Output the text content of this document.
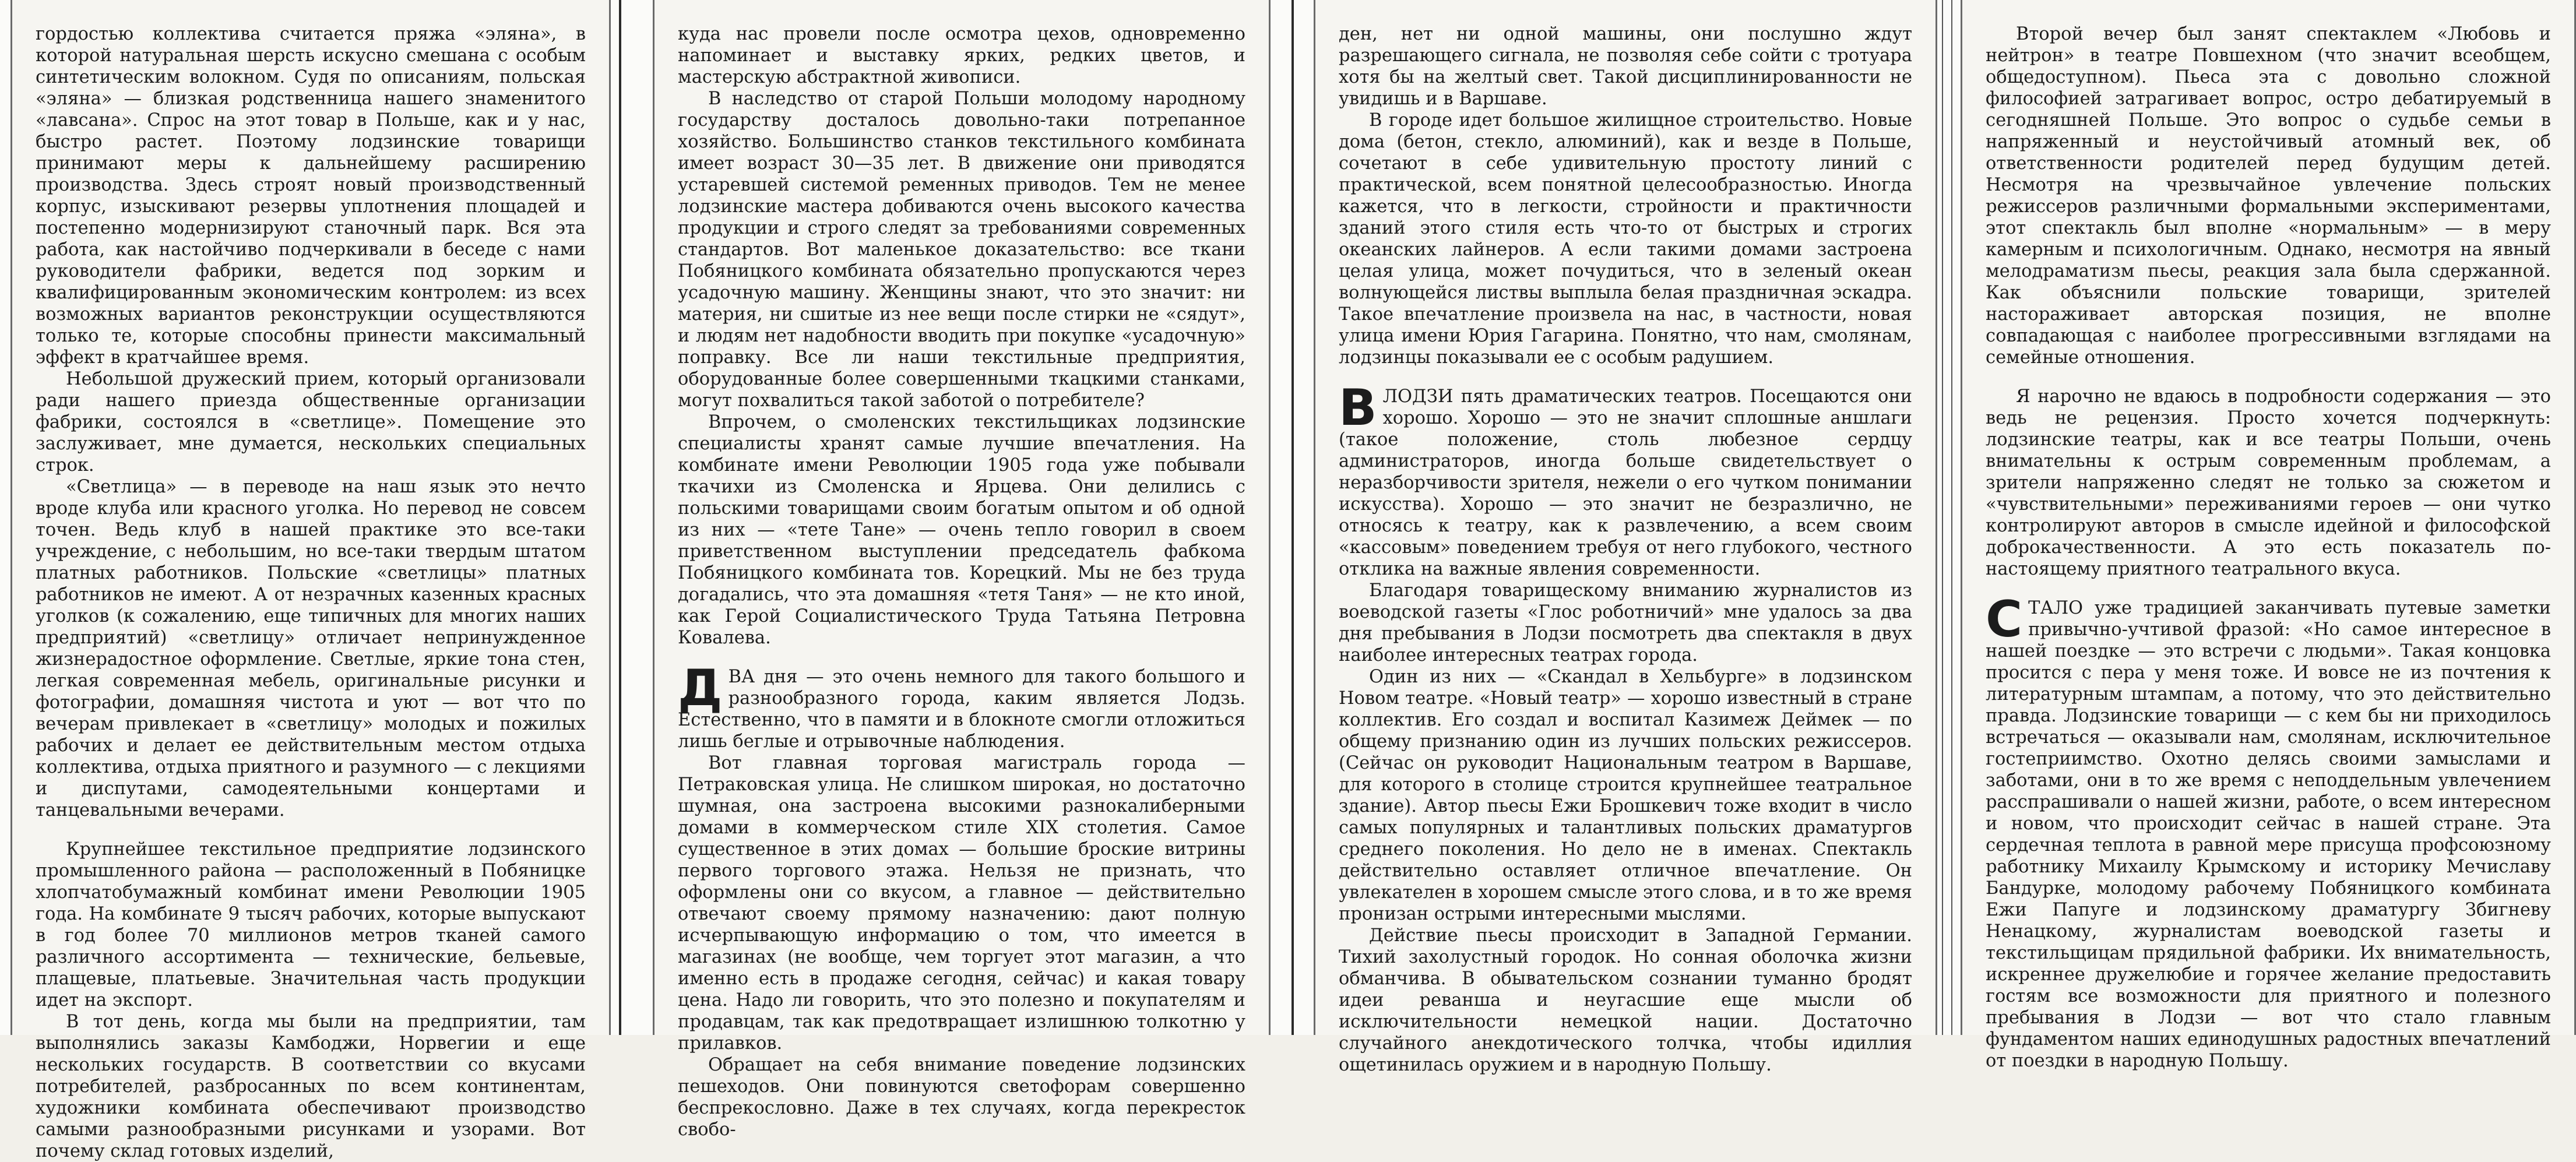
гордостью коллектива считается пряжа «эляна», в которой натуральная шерсть искусно смешана с особым синтетическим волокном. Судя по описаниям, польская «эляна» — близкая родственница нашего знаменитого «лавсана». Спрос на этот товар в Польше, как и у нас, быстро растет. Поэтому лодзинские товарищи принимают меры к дальнейшему расширению производства. Здесь строят новый производственный корпус, изыскивают резервы уплотнения площадей и постепенно модернизируют станочный парк. Вся эта работа, как настойчиво подчеркивали в беседе с нами руководители фабрики, ведется под зорким и квалифицированным экономическим контролем: из всех возможных вариантов реконструкции осуществляются только те, которые способны принести максимальный эффект в кратчайшее время.

Небольшой дружеский прием, который организовали ради нашего приезда общественные организации фабрики, состоялся в «светлице». Помещение это заслуживает, мне думается, нескольких специальных строк.

«Светлица» — в переводе на наш язык это нечто вроде клуба или красного уголка. Но перевод не совсем точен. Ведь клуб в нашей практике это все-таки учреждение, с небольшим, но все-таки твердым штатом платных работников. Польские «светлицы» платных работников не имеют. А от незрачных казенных красных уголков (к сожалению, еще типичных для многих наших предприятий) «светлицу» отличает непринужденное жизнерадостное оформление. Светлые, яркие тона стен, легкая современная мебель, оригинальные рисунки и фотографии, домашняя чистота и уют — вот что по вечерам привлекает в «светлицу» молодых и пожилых рабочих и делает ее действительным местом отдыха коллектива, отдыха приятного и разумного — с лекциями и диспутами, самодеятельными концертами и танцевальными вечерами.

Крупнейшее текстильное предприятие лодзинского промышленного района — расположенный в Побяницке хлопчатобумажный комбинат имени Революции 1905 года. На комбинате 9 тысяч рабочих, которые выпускают в год более 70 миллионов метров тканей самого различного ассортимента — технические, бельевые, плащевые, платьевые. Значительная часть продукции идет на экспорт.

В тот день, когда мы были на предприятии, там выполнялись заказы Камбоджи, Норвегии и еще нескольких государств. В соответствии со вкусами потребителей, разбросанных по всем континентам, художники комбината обеспечивают производство самыми разнообразными рисунками и узорами. Вот почему склад готовых изделий,

куда нас провели после осмотра цехов, одновременно напоминает и выставку ярких, редких цветов, и мастерскую абстрактной живописи.

В наследство от старой Польши молодому народному государству досталось довольно-таки потрепанное хозяйство. Большинство станков текстильного комбината имеет возраст 30—35 лет. В движение они приводятся устаревшей системой ременных приводов. Тем не менее лодзинские мастера добиваются очень высокого качества продукции и строго следят за требованиями современных стандартов. Вот маленькое доказательство: все ткани Побяницкого комбината обязательно пропускаются через усадочную машину. Женщины знают, что это значит: ни материя, ни сшитые из нее вещи после стирки не «сядут», и людям нет надобности вводить при покупке «усадочную» поправку. Все ли наши текстильные предприятия, оборудованные более совершенными ткацкими станками, могут похвалиться такой заботой о потребителе?

Впрочем, о смоленских текстильщиках лодзинские специалисты хранят самые лучшие впечатления. На комбинате имени Революции 1905 года уже побывали ткачихи из Смоленска и Ярцева. Они делились с польскими товарищами своим богатым опытом и об одной из них — «тете Тане» — очень тепло говорил в своем приветственном выступлении председатель фабкома Побяницкого комбината тов. Корецкий. Мы не без труда догадались, что эта домашняя «тетя Таня» — не кто иной, как Герой Социалистического Труда Татьяна Петровна Ковалева.

ДВА дня — это очень немного для такого большого и разнообразного города, каким является Лодзь. Естественно, что в памяти и в блокноте смогли отложиться лишь беглые и отрывочные наблюдения.

Вот главная торговая магистраль города — Петраковская улица. Не слишком широкая, но достаточно шумная, она застроена высокими разнокалиберными домами в коммерческом стиле XIX столетия. Самое существенное в этих домах — большие броские витрины первого торгового этажа. Нельзя не признать, что оформлены они со вкусом, а главное — действительно отвечают своему прямому назначению: дают полную исчерпывающую информацию о том, что имеется в магазинах (не вообще, чем торгует этот магазин, а что именно есть в продаже сегодня, сейчас) и какая товару цена. Надо ли говорить, что это полезно и покупателям и продавцам, так как предотвращает излишнюю толкотню у прилавков.

Обращает на себя внимание поведение лодзинских пешеходов. Они повинуются светофорам совершенно беспрекословно. Даже в тех случаях, когда перекресток свобо-

ден, нет ни одной машины, они послушно ждут разрешающего сигнала, не позволяя себе сойти с тротуара хотя бы на желтый свет. Такой дисциплинированности не увидишь и в Варшаве.

В городе идет большое жилищное строительство. Новые дома (бетон, стекло, алюминий), как и везде в Польше, сочетают в себе удивительную простоту линий с практической, всем понятной целесообразностью. Иногда кажется, что в легкости, стройности и практичности зданий этого стиля есть что-то от быстрых и строгих океанских лайнеров. А если такими домами застроена целая улица, может почудиться, что в зеленый океан волнующейся листвы выплыла белая праздничная эскадра. Такое впечатление произвела на нас, в частности, новая улица имени Юрия Гагарина. Понятно, что нам, смолянам, лодзинцы показывали ее с особым радушием.

В ЛОДЗИ пять драматических театров. Посещаются они хорошо. Хорошо — это не значит сплошные аншлаги (такое положение, столь любезное сердцу администраторов, иногда больше свидетельствует о неразборчивости зрителя, нежели о его чутком понимании искусства). Хорошо — это значит не безразлично, не относясь к театру, как к развлечению, а всем своим «кассовым» поведением требуя от него глубокого, честного отклика на важные явления современности.

Благодаря товарищескому вниманию журналистов из воеводской газеты «Глос роботничий» мне удалось за два дня пребывания в Лодзи посмотреть два спектакля в двух наиболее интересных театрах города.

Один из них — «Скандал в Хельбурге» в лодзинском Новом театре. «Новый театр» — хорошо известный в стране коллектив. Его создал и воспитал Казимеж Деймек — по общему признанию один из лучших польских режиссеров. (Сейчас он руководит Национальным театром в Варшаве, для которого в столице строится крупнейшее театральное здание). Автор пьесы Ежи Брошкевич тоже входит в число самых популярных и талантливых польских драматургов среднего поколения. Но дело не в именах. Спектакль действительно оставляет отличное впечатление. Он увлекателен в хорошем смысле этого слова, и в то же время пронизан острыми интересными мыслями.

Действие пьесы происходит в Западной Германии. Тихий захолустный городок. Но сонная оболочка жизни обманчива. В обывательском сознании туманно бродят идеи реванша и неугасшие еще мысли об исключительности немецкой нации. Достаточно случайного анекдотического толчка, чтобы идиллия ощетинилась оружием и в народную Польшу.

Второй вечер был занят спектаклем «Любовь и нейтрон» в театре Повшехном (что значит всеобщем, общедоступном). Пьеса эта с довольно сложной философией затрагивает вопрос, остро дебатируемый в сегодняшней Польше. Это вопрос о судьбе семьи в напряженный и неустойчивый атомный век, об ответственности родителей перед будущим детей. Несмотря на чрезвычайное увлечение польских режиссеров различными формальными экспериментами, этот спектакль был вполне «нормальным» — в меру камерным и психологичным. Однако, несмотря на явный мелодраматизм пьесы, реакция зала была сдержанной. Как объяснили польские товарищи, зрителей настораживает авторская позиция, не вполне совпадающая с наиболее прогрессивными взглядами на семейные отношения.

Я нарочно не вдаюсь в подробности содержания — это ведь не рецензия. Просто хочется подчеркнуть: лодзинские театры, как и все театры Польши, очень внимательны к острым современным проблемам, а зрители напряженно следят не только за сюжетом и «чувствительными» переживаниями героев — они чутко контролируют авторов в смысле идейной и философской доброкачественности. А это есть показатель по-настоящему приятного театрального вкуса.

СТАЛО уже традицией заканчивать путевые заметки привычно-учтивой фразой: «Но самое интересное в нашей поездке — это встречи с людьми». Такая концовка просится с пера у меня тоже. И вовсе не из почтения к литературным штампам, а потому, что это действительно правда. Лодзинские товарищи — с кем бы ни приходилось встречаться — оказывали нам, смолянам, исключительное гостеприимство. Охотно делясь своими замыслами и заботами, они в то же время с неподдельным увлечением расспрашивали о нашей жизни, работе, о всем интересном и новом, что происходит сейчас в нашей стране. Эта сердечная теплота в равной мере присуща профсоюзному работнику Михаилу Крымскому и историку Мечиславу Бандурке, молодому рабочему Побяницкого комбината Ежи Папуге и лодзинскому драматургу Збигневу Ненацкому, журналистам воеводской газеты и текстильщицам прядильной фабрики. Их внимательность, искреннее дружелюбие и горячее желание предоставить гостям все возможности для приятного и полезного пребывания в Лодзи — вот что стало главным фундаментом наших единодушных радостных впечатлений от поездки в народную Польшу.
